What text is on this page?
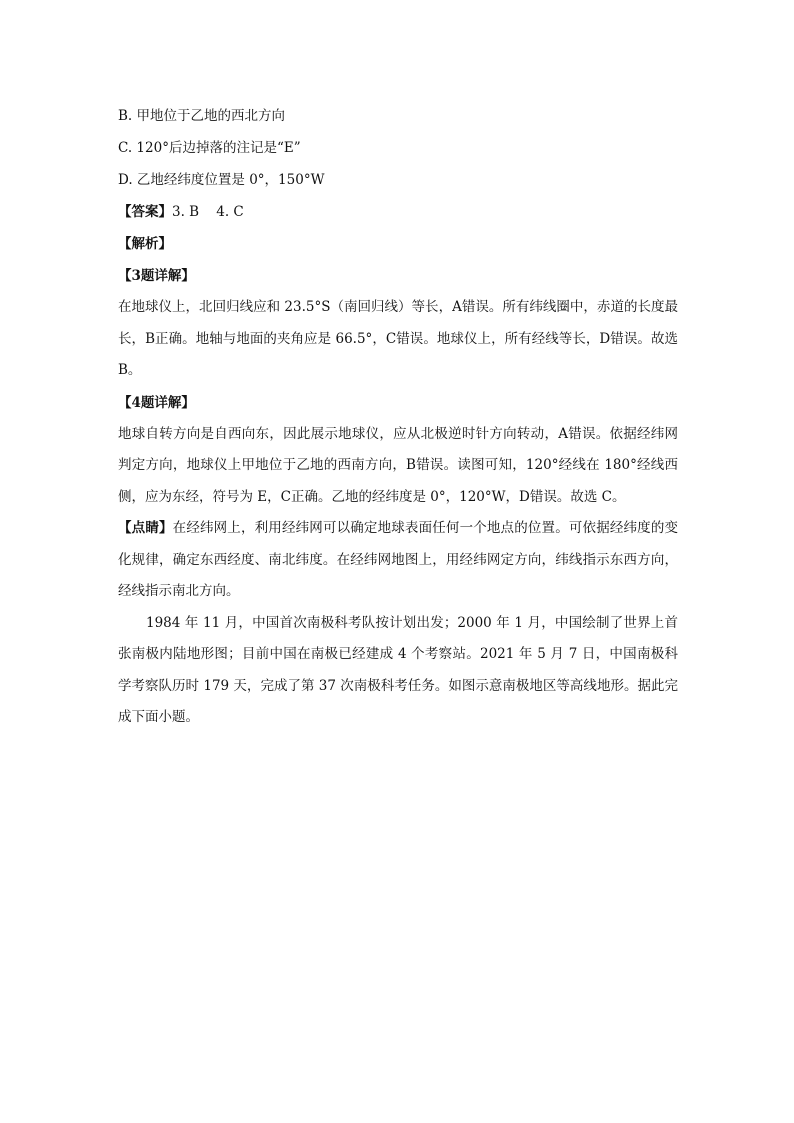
B. 甲地位于乙地的西北方向
C. 120°后边掉落的注记是“E”
D. 乙地经纬度位置是 0°，150°W
【答案】3. B    4. C
【解析】
【3题详解】
在地球仪上，北回归线应和 23.5°S（南回归线）等长，A错误。所有纬线圈中，赤道的长度最长，B正确。地轴与地面的夹角应是 66.5°，C错误。地球仪上，所有经线等长，D错误。故选 B。
【4题详解】
地球自转方向是自西向东，因此展示地球仪，应从北极逆时针方向转动，A错误。依据经纬网判定方向，地球仪上甲地位于乙地的西南方向，B错误。读图可知，120°经线在 180°经线西侧，应为东经，符号为 E，C正确。乙地的经纬度是 0°，120°W，D错误。故选 C。
【点睛】在经纬网上，利用经纬网可以确定地球表面任何一个地点的位置。可依据经纬度的变化规律，确定东西经度、南北纬度。在经纬网地图上，用经纬网定方向，纬线指示东西方向，经线指示南北方向。
1984 年 11 月，中国首次南极科考队按计划出发；2000 年 1 月，中国绘制了世界上首张南极内陆地形图；目前中国在南极已经建成 4 个考察站。2021 年 5 月 7 日，中国南极科学考察队历时 179 天，完成了第 37 次南极科考任务。如图示意南极地区等高线地形。据此完成下面小题。
